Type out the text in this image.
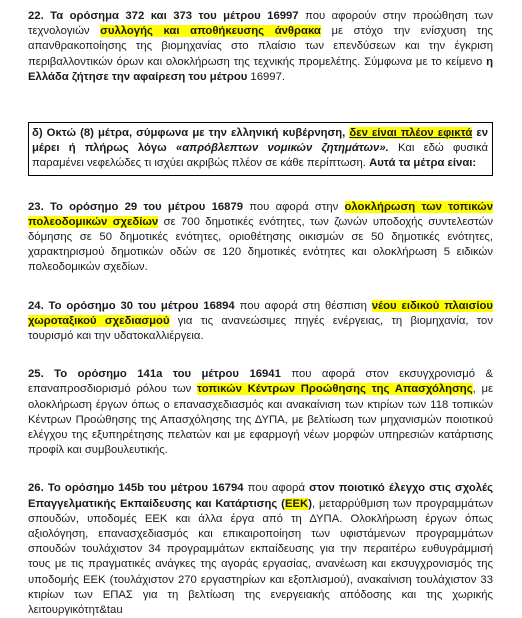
22. Τα ορόσημα 372 και 373 του μέτρου 16997 που αφορούν στην προώθηση των τεχνολογιών συλλογής και αποθήκευσης άνθρακα με στόχο την ενίσχυση της απανθρακοποίησης της βιομηχανίας στο πλαίσιο των επενδύσεων και την έγκριση περιβαλλοντικών όρων και ολοκλήρωση της τεχνικής προμελέτης. Σύμφωνα με το κείμενο η Ελλάδα ζήτησε την αφαίρεση του μέτρου 16997.

δ) Οκτώ (8) μέτρα, σύμφωνα με την ελληνική κυβέρνηση, δεν είναι πλέον εφικτά εν μέρει ή πλήρως λόγω «απρόβλεπτων νομικών ζητημάτων». Και εδώ φυσικά παραμένει νεφελώδες τι ισχύει ακριβώς πλέον σε κάθε περίπτωση. Αυτά τα μέτρα είναι:

23. Το ορόσημο 29 του μέτρου 16879 που αφορά στην ολοκλήρωση των τοπικών πολεοδομικών σχεδίων σε 700 δημοτικές ενότητες, των ζωνών υποδοχής συντελεστών δόμησης σε 50 δημοτικές ενότητες, οριοθέτησης οικισμών σε 50 δημοτικές ενότητες, χαρακτηρισμού δημοτικών οδών σε 120 δημοτικές ενότητες και ολοκλήρωση 5 ειδικών πολεοδομικών σχεδίων.

24. Το ορόσημο 30 του μέτρου 16894 που αφορά στη θέσπιση νέου ειδικού πλαισίου χωροταξικού σχεδιασμού για τις ανανεώσιμες πηγές ενέργειας, τη βιομηχανία, τον τουρισμό και την υδατοκαλλιέργεια.

25. Το ορόσημο 141a του μέτρου 16941 που αφορά στον εκσυγχρονισμό & επαναπροσδιορισμό ρόλου των τοπικών Κέντρων Προώθησης της Απασχόλησης, με ολοκλήρωση έργων όπως ο επανασχεδιασμός και ανακαίνιση των κτιρίων των 118 τοπικών Κέντρων Προώθησης της Απασχόλησης της ΔΥΠΑ, με βελτίωση των μηχανισμών ποιοτικού ελέγχου της εξυπηρέτησης πελατών και με εφαρμογή νέων μορφών υπηρεσιών κατάρτισης προφίλ και συμβουλευτικής.

26. Το ορόσημο 145b του μέτρου 16794 που αφορά στον ποιοτικό έλεγχο στις σχολές Επαγγελματικής Εκπαίδευσης και Κατάρτισης (ΕΕΚ), μεταρρύθμιση των προγραμμάτων σπουδών, υποδομές ΕΕΚ και άλλα έργα από τη ΔΥΠΑ. Ολοκλήρωση έργων όπως αξιολόγηση, επανασχεδιασμός και επικαιροποίηση των υφιστάμενων προγραμμάτων σπουδών τουλάχιστον 34 προγραμμάτων εκπαίδευσης για την περαιτέρω ευθυγράμμισή τους με τις πραγματικές ανάγκες της αγοράς εργασίας, ανανέωση και εκσυγχρονισμός της υποδομής ΕΕΚ (τουλάχιστον 270 εργαστηρίων και εξοπλισμού), ανακαίνιση τουλάχιστον 33 κτιρίων των ΕΠΑΣ για τη βελτίωση της ενεργειακής απόδοσης και της χωρικής λειτουργικότητ&tau
